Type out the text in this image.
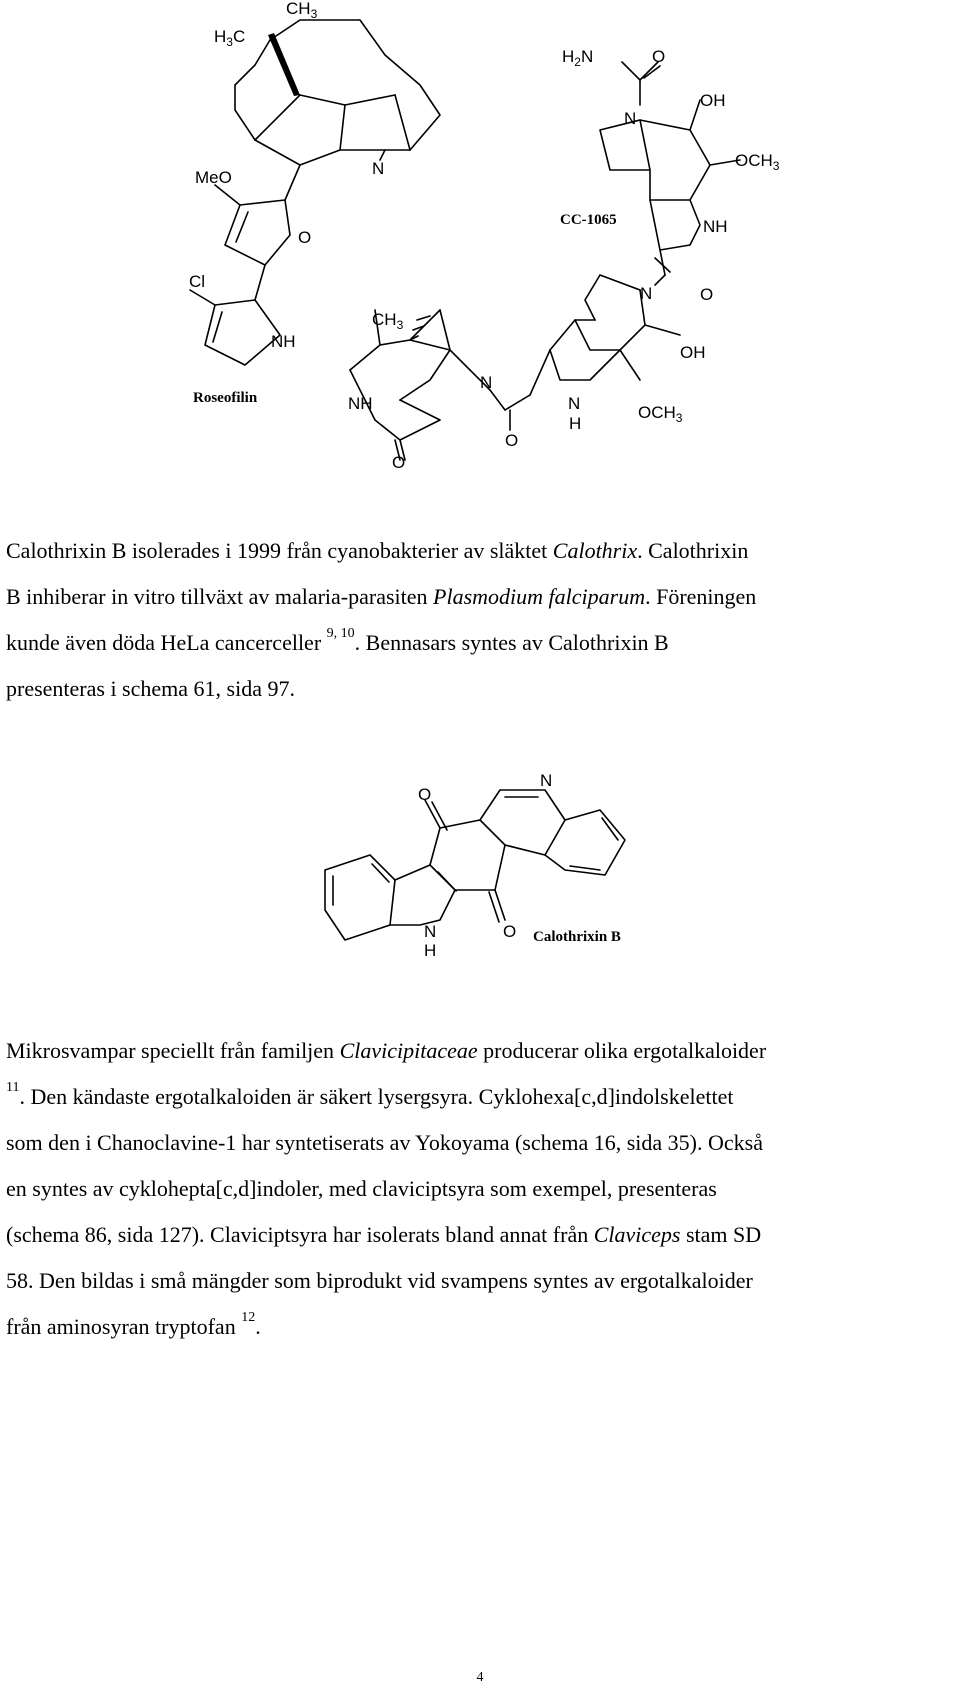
$CH_3$
$H_3C$
MeO	N
O
Cl
NH
Roseofilin
$H_2N$	O
OH
$OCH_3$
N
CC-1065	NH
N	O
OH
$CH_3$
NH
N
O
O
N
H
$OCH_3$
O
N
N
H
O Calothrixin B
Calothrixin B isolerades i 1999 från cyanobakterier av släktet Calothrix. Calothrixin
B inhiberar in vitro tillväxt av malaria-parasiten Plasmodium falciparum. Föreningen
kunde även döda HeLa cancerceller $^{9, 10}$. Bennasars syntes av Calothrixin B
presenteras i schema 61, sida 97.
Mikrosvampar speciellt från familjen Clavicipitaceae producerar olika ergotalkaloider
$^{11}$. Den kändaste ergotalkaloiden är säkert lysergsyra. Cyklohexa[c,d]indolskelettet
som den i Chanoclavine-1 har syntetiserats av Yokoyama (schema 16, sida 35). Också
en syntes av cyklohepta[c,d]indoler, med claviciptsyra som exempel, presenteras
(schema 86, sida 127). Claviciptsyra har isolerats bland annat från Claviceps stam SD
58. Den bildas i små mängder som biprodukt vid svampens syntes av ergotalkaloider
från aminosyran tryptofan $^{12}$.
4
